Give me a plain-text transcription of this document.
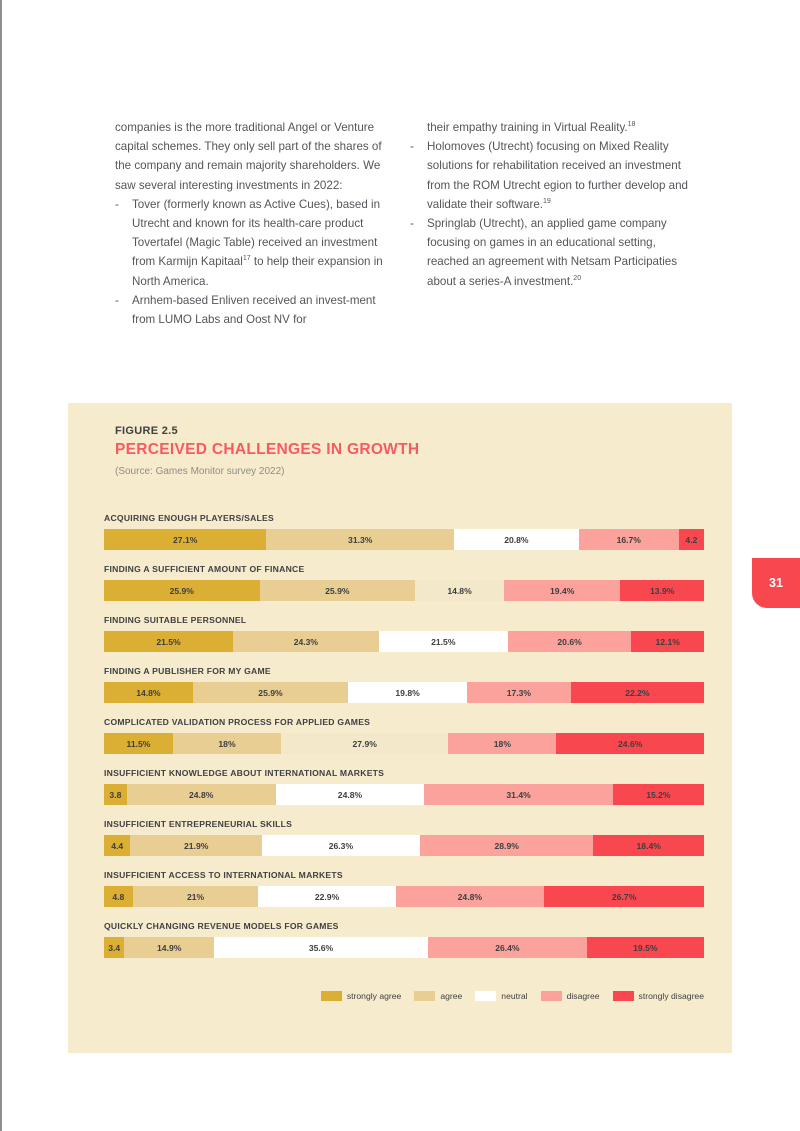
companies is the more traditional Angel or Venture capital schemes. They only sell part of the shares of the company and remain majority shareholders. We saw several interesting investments in 2022:
-	Tover (formerly known as Active Cues), based in Utrecht and known for its health-care product Tovertafel (Magic Table) received an investment from Karmijn Kapitaal$^{17}$ to help their expansion in North America.
-	Arnhem-based Enliven received an invest-ment from LUMO Labs and Oost NV for
their empathy training in Virtual Reality.$^{18}$
-	Holomoves (Utrecht) focusing on Mixed Reality solutions for rehabilitation received an investment from the ROM Utrecht egion to further develop and validate their software.$^{19}$
-	Springlab (Utrecht), an applied game company focusing on games in an educational setting, reached an agreement with Netsam Participaties about a series-A investment.$^{20}$
FIGURE 2.5
PERCEIVED CHALLENGES IN GROWTH
(Source: Games Monitor survey 2022)
ACQUIRING ENOUGH PLAYERS/SALES
27.1%	31.3%	20.8%	16.7%	4.2
FINDING A SUFFICIENT AMOUNT OF FINANCE
25.9%	25.9%	14.8%	19.4%	13.9%
FINDING SUITABLE PERSONNEL
21.5%	24.3%	21.5%	20.6%	12.1%
FINDING A PUBLISHER FOR MY GAME
14.8%	25.9%	19.8%	17.3%	22.2%
COMPLICATED VALIDATION PROCESS FOR APPLIED GAMES
11.5%	18%	27.9%	18%	24.6%
INSUFFICIENT KNOWLEDGE ABOUT INTERNATIONAL MARKETS
3.8	24.8%	24.8%	31.4%	15.2%
INSUFFICIENT ENTREPRENEURIAL SKILLS
4.4	21.9%	26.3%	28.9%	18.4%
INSUFFICIENT ACCESS TO INTERNATIONAL MARKETS
4.8	21%	22.9%	24.8%	26.7%
QUICKLY CHANGING REVENUE MODELS FOR GAMES
3.4	14.9%	35.6%	26.4%	19.5%
strongly agree	agree	neutral	disagree	strongly disagree
31
